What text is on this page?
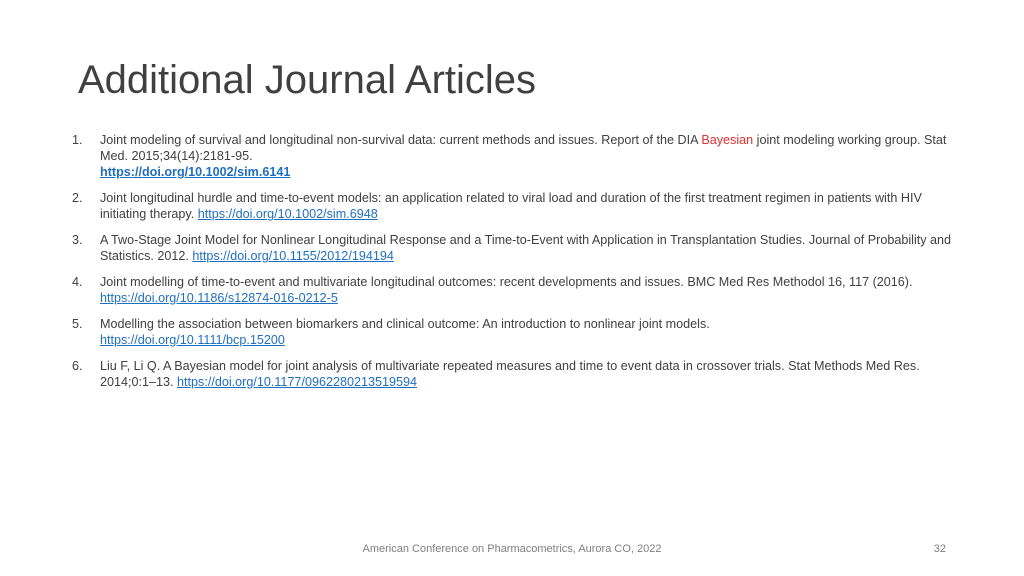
Additional Journal Articles
1. Joint modeling of survival and longitudinal non-survival data: current methods and issues. Report of the DIA Bayesian joint modeling working group. Stat Med. 2015;34(14):2181-95.
https://doi.org/10.1002/sim.6141
2. Joint longitudinal hurdle and time-to-event models: an application related to viral load and duration of the first treatment regimen in patients with HIV initiating therapy. https://doi.org/10.1002/sim.6948
3. A Two-Stage Joint Model for Nonlinear Longitudinal Response and a Time-to-Event with Application in Transplantation Studies. Journal of Probability and Statistics. 2012. https://doi.org/10.1155/2012/194194
4. Joint modelling of time-to-event and multivariate longitudinal outcomes: recent developments and issues. BMC Med Res Methodol 16, 117 (2016).
https://doi.org/10.1186/s12874-016-0212-5
5. Modelling the association between biomarkers and clinical outcome: An introduction to nonlinear joint models.
https://doi.org/10.1111/bcp.15200
6. Liu F, Li Q. A Bayesian model for joint analysis of multivariate repeated measures and time to event data in crossover trials. Stat Methods Med Res. 2014;0:1–13. https://doi.org/10.1177/0962280213519594
American Conference on Pharmacometrics, Aurora CO, 2022	32
